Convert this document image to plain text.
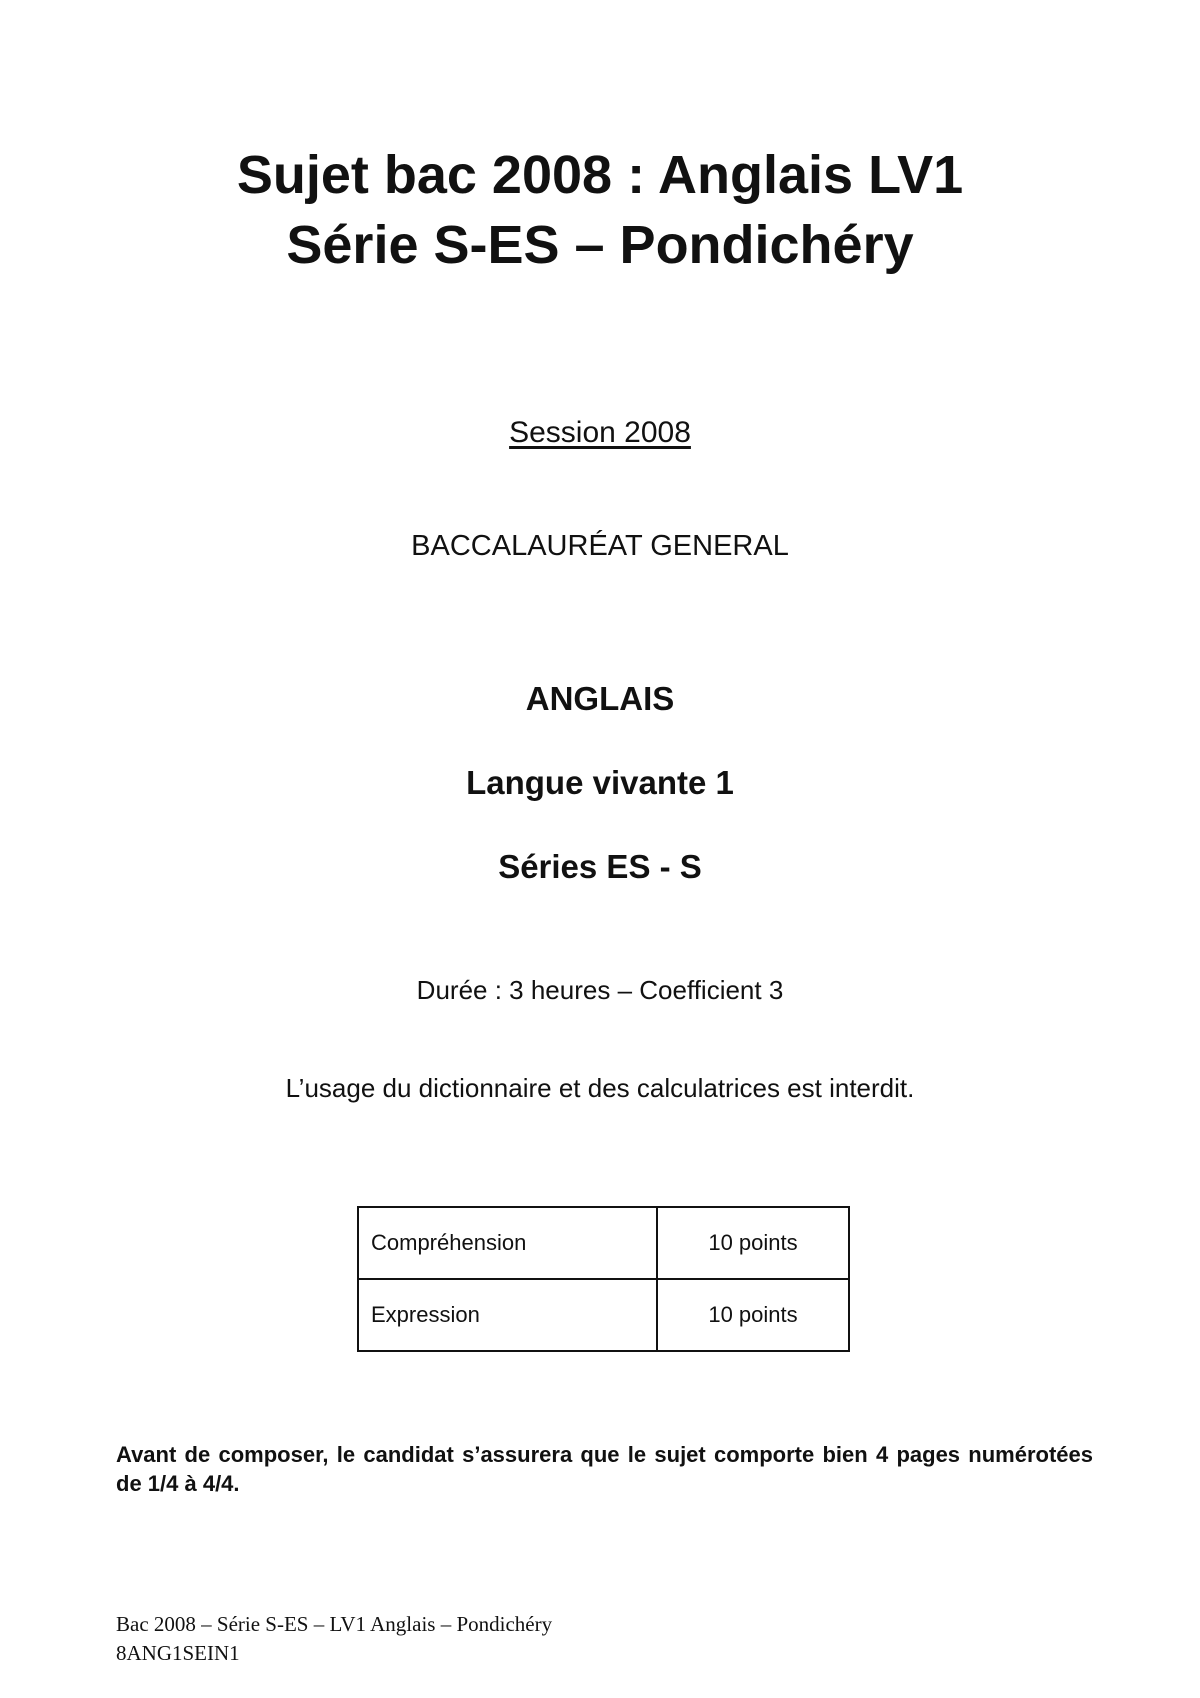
Sujet bac 2008 : Anglais LV1
Série S-ES – Pondichéry
Session 2008
BACCALAURÉAT GENERAL
ANGLAIS
Langue vivante 1
Séries ES - S
Durée : 3 heures – Coefficient 3
L’usage du dictionnaire et des calculatrices est interdit.
Compréhension	10 points
Expression	10 points
Avant de composer, le candidat s’assurera que le sujet comporte bien 4 pages numérotées de 1/4 à 4/4.
Bac 2008 – Série S-ES – LV1 Anglais – Pondichéry
8ANG1SEIN1
